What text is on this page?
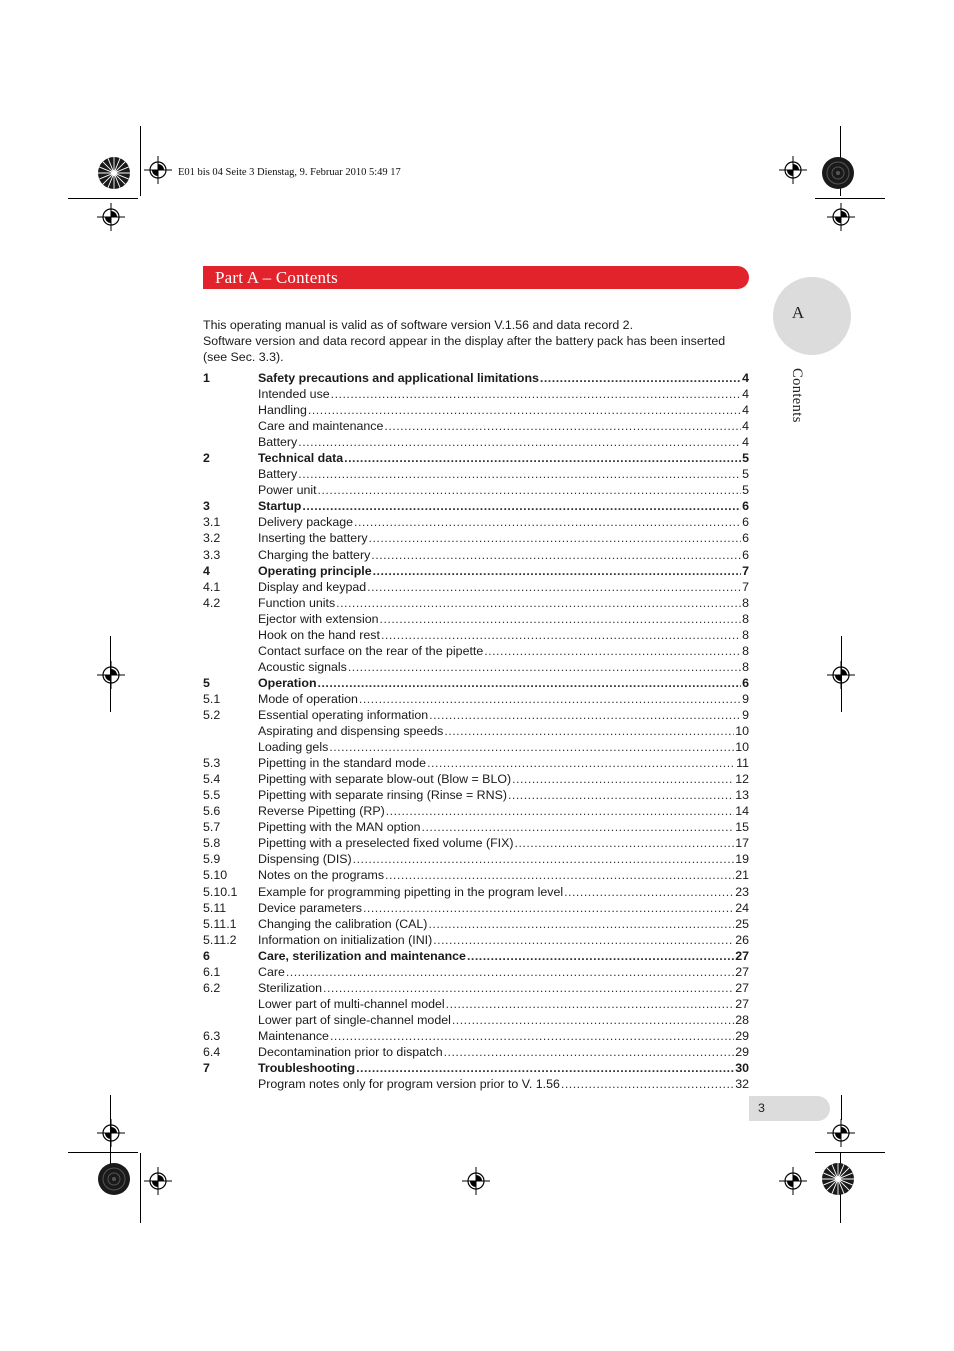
E01 bis 04 Seite 3 Dienstag, 9. Februar 2010 5:49 17
Part A – Contents
A
Contents

This operating manual is valid as of software version V.1.56 and data record 2.

Software version and data record appear in the display after the battery pack has been inserted

(see Sec. 3.3).

1	Safety precautions and applicational limitations .....	4
Intended use .....	4
Handling .....	4
Care and maintenance .....	4
Battery .....	4
2	Technical data .....	5
Battery .....	5
Power unit .....	5
3	Startup .....	6
3.1	Delivery package .....	6
3.2	Inserting the battery .....	6
3.3	Charging the battery .....	6
4	Operating principle .....	7
4.1	Display and keypad .....	7
4.2	Function units .....	8
Ejector with extension .....	8
Hook on the hand rest .....	8
Contact surface on the rear of the pipette .....	8
Acoustic signals .....	8
5	Operation .....	6
5.1	Mode of operation .....	9
5.2	Essential operating information .....	9
Aspirating and dispensing speeds .....	10
Loading gels .....	10
5.3	Pipetting in the standard mode .....	11
5.4	Pipetting with separate blow-out (Blow = BLO) .....	12
5.5	Pipetting with separate rinsing (Rinse = RNS) .....	13
5.6	Reverse Pipetting (RP) .....	14
5.7	Pipetting with the MAN option .....	15
5.8	Pipetting with a preselected fixed volume (FIX) .....	17
5.9	Dispensing (DIS) .....	19
5.10 Notes on the programs .....	21
5.10.1 Example for programming pipetting in the program level .....	23
5.11	Device parameters .....	24
5.11.1 Changing the calibration (CAL) .....	25
5.11.2 Information on initialization (INI) .....	26
6	Care, sterilization and maintenance .....	27
6.1	Care .....	27
6.2	Sterilization .....	27
Lower part of multi-channel model .....	27
Lower part of single-channel model .....	28
6.3	Maintenance .....	29
6.4	Decontamination prior to dispatch .....	29
7	Troubleshooting .....	30
Program notes only for program version prior to V. 1.56 .....	32
3
